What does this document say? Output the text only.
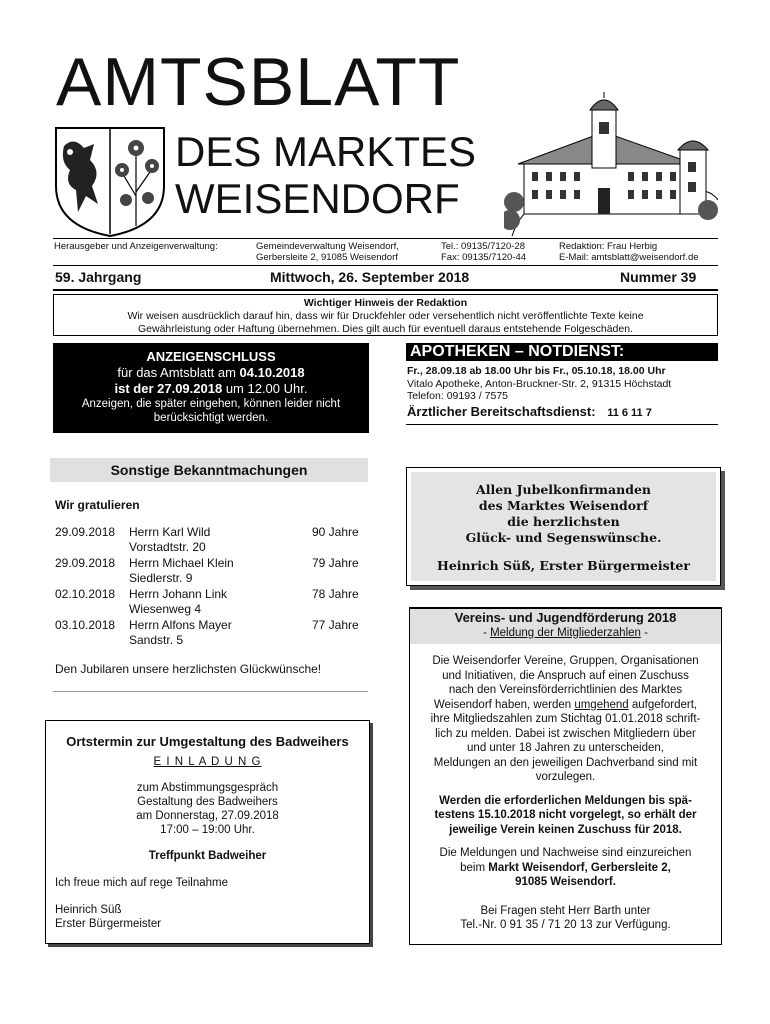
AMTSBLATT
DES MARKTES
WEISENDORF
Herausgeber und Anzeigenverwaltung:	Gemeindeverwaltung Weisendorf,
Gerbersleite 2, 91085 Weisendorf
Tel.: 09135/7120-28
Fax: 09135/7120-44
Redaktion: Frau Herbig
E-Mail: amtsblatt@weisendorf.de
59. Jahrgang	Mittwoch, 26. September 2018	Nummer 39
Wichtiger Hinweis der Redaktion
Wir weisen ausdrücklich darauf hin, dass wir für Druckfehler oder versehentlich nicht veröffentlichte Texte keine
Gewährleistung oder Haftung übernehmen. Dies gilt auch für eventuell daraus entstehende Folgeschäden.
ANZEIGENSCHLUSS
für das Amtsblatt am 04.10.2018
ist der 27.09.2018 um 12.00 Uhr.
Anzeigen, die später eingehen, können leider nicht
berücksichtigt werden.
APOTHEKEN – NOTDIENST:
Fr., 28.09.18 ab 18.00 Uhr bis Fr., 05.10.18, 18.00 Uhr
Vitalo Apotheke, Anton-Bruckner-Str. 2, 91315 Höchstadt
Telefon: 09193 / 7575
Ärztlicher Bereitschaftsdienst: 11 6 11 7
Sonstige Bekanntmachungen
Wir gratulieren
29.09.2018 Herrn Karl Wild
Vorstadtstr. 20
90 Jahre
29.09.2018 Herrn Michael Klein
Siedlerstr. 9
79 Jahre
02.10.2018 Herrn Johann Link
Wiesenweg 4
78 Jahre
03.10.2018 Herrn Alfons Mayer
Sandstr. 5
77 Jahre
Den Jubilaren unsere herzlichsten Glückwünsche!
Allen Jubelkonfirmanden
des Marktes Weisendorf
die herzlichsten
Glück- und Segenswünsche.
Heinrich Süß, Erster Bürgermeister
Vereins- und Jugendförderung 2018
- Meldung der Mitgliederzahlen -
Die Weisendorfer Vereine, Gruppen, Organisationen
und Initiativen, die Anspruch auf einen Zuschuss
nach den Vereinsförderrichtlinien des Marktes
Weisendorf haben, werden umgehend aufgefordert,
ihre Mitgliedszahlen zum Stichtag 01.01.2018 schrift-
lich zu melden. Dabei ist zwischen Mitgliedern über
und unter 18 Jahren zu unterscheiden,
Meldungen an den jeweiligen Dachverband sind mit
vorzulegen.
Werden die erforderlichen Meldungen bis spä-
testens 15.10.2018 nicht vorgelegt, so erhält der
jeweilige Verein keinen Zuschuss für 2018.
Die Meldungen und Nachweise sind einzureichen
beim Markt Weisendorf, Gerbersleite 2,
91085 Weisendorf.
Bei Fragen steht Herr Barth unter
Tel.-Nr. 0 91 35 / 71 20 13 zur Verfügung.
Ortstermin zur Umgestaltung des Badweihers
E I N L A D U N G
zum Abstimmungsgespräch
Gestaltung des Badweihers
am Donnerstag, 27.09.2018
17:00 – 19:00 Uhr.
Treffpunkt Badweiher
Ich freue mich auf rege Teilnahme
Heinrich Süß
Erster Bürgermeister
